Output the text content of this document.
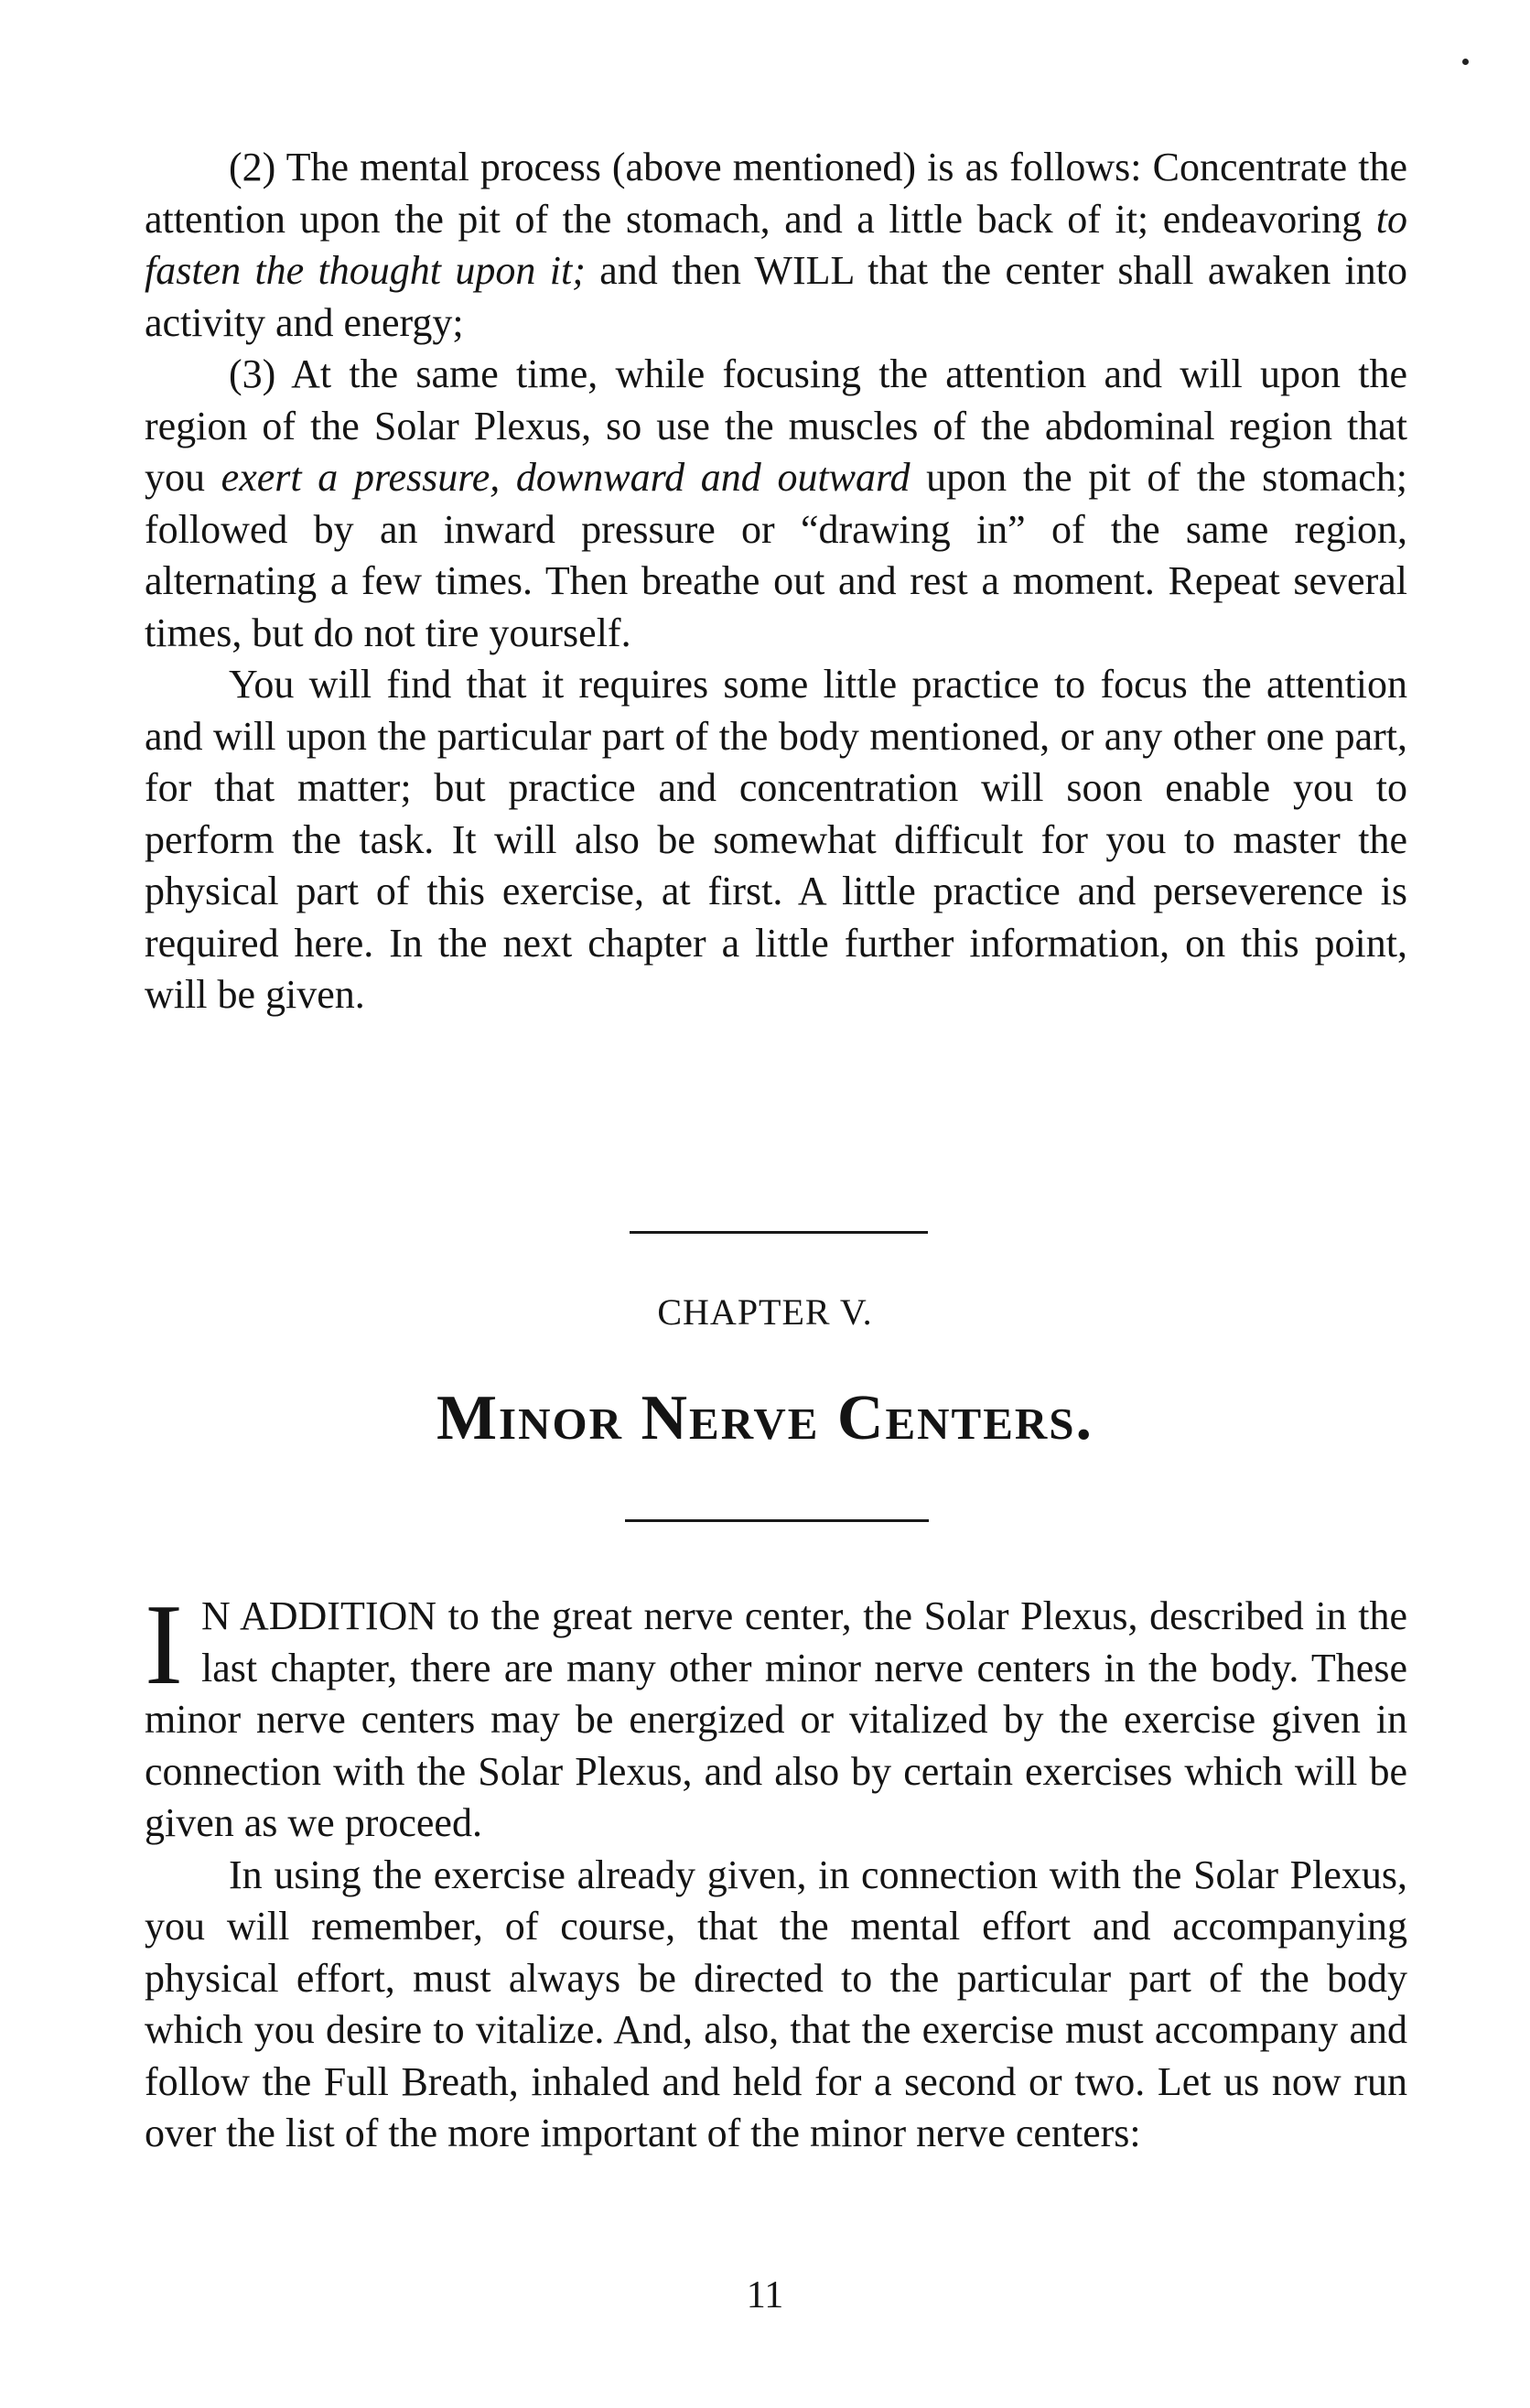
(2) The mental process (above mentioned) is as follows: Concentrate the attention upon the pit of the stomach, and a little back of it; endeavoring to fasten the thought upon it; and then WILL that the center shall awaken into activity and energy;

(3) At the same time, while focusing the attention and will upon the region of the Solar Plexus, so use the muscles of the abdominal region that you exert a pressure, downward and outward upon the pit of the stomach; followed by an inward pressure or “drawing in” of the same region, alternating a few times. Then breathe out and rest a moment. Repeat several times, but do not tire yourself.

You will find that it requires some little practice to focus the attention and will upon the particular part of the body mentioned, or any other one part, for that matter; but practice and concentration will soon enable you to perform the task. It will also be somewhat difficult for you to master the physical part of this exercise, at first. A little practice and perseverence is required here. In the next chapter a little further information, on this point, will be given.

CHAPTER V.

Minor Nerve Centers.

I N ADDITION to the great nerve center, the Solar Plexus, described in the last chapter, there are many other minor nerve centers in the body. These minor nerve centers may be energized or vitalized by the exercise given in connection with the Solar Plexus, and also by certain exercises which will be given as we proceed.

In using the exercise already given, in connection with the Solar Plexus, you will remember, of course, that the mental effort and accompanying physical effort, must always be directed to the particular part of the body which you desire to vitalize. And, also, that the exercise must accompany and follow the Full Breath, inhaled and held for a second or two. Let us now run over the list of the more important of the minor nerve centers:

11
